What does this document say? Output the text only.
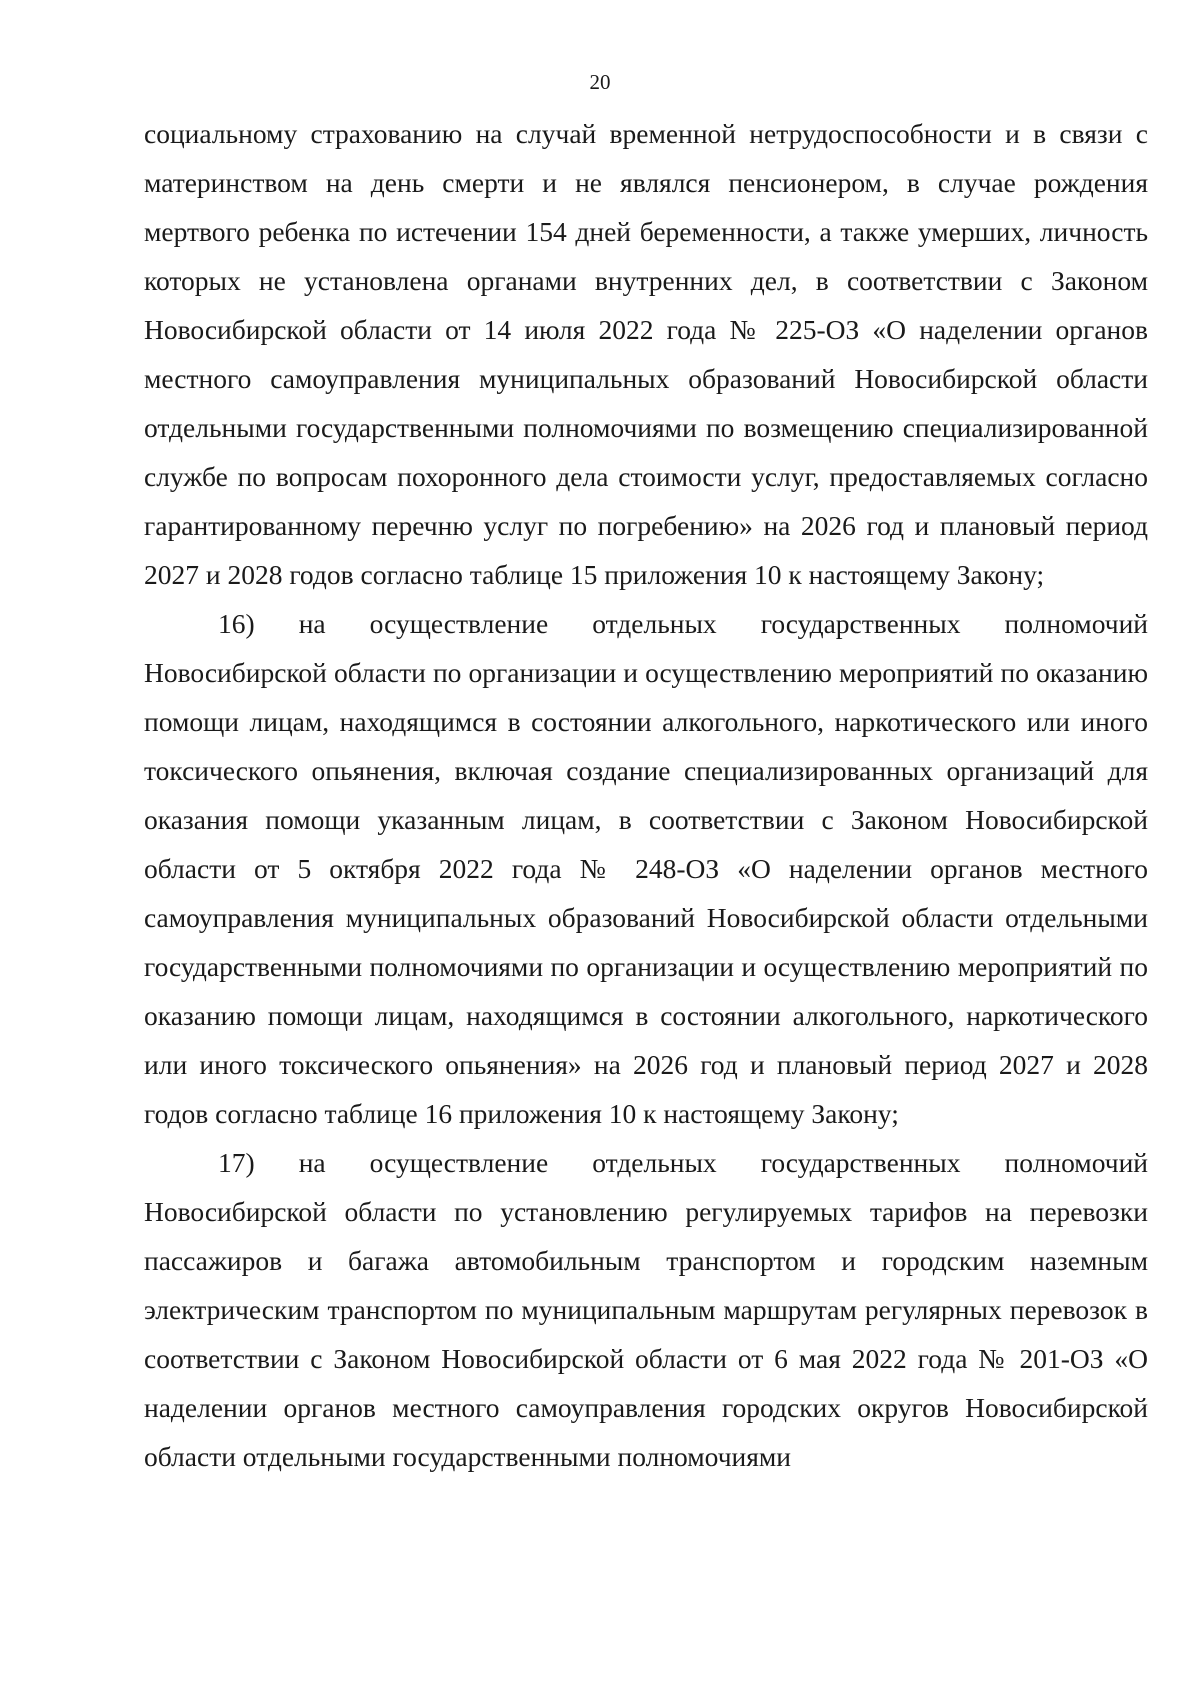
20

социальному страхованию на случай временной нетрудоспособности и в связи с материнством на день смерти и не являлся пенсионером, в случае рождения мертвого ребенка по истечении 154 дней беременности, а также умерших, личность которых не установлена органами внутренних дел, в соответствии с Законом Новосибирской области от 14 июля 2022 года № 225-ОЗ «О наделении органов местного самоуправления муниципальных образований Новосибирской области отдельными государственными полномочиями по возмещению специализированной службе по вопросам похоронного дела стоимости услуг, предоставляемых согласно гарантированному перечню услуг по погребению» на 2026 год и плановый период 2027 и 2028 годов согласно таблице 15 приложения 10 к настоящему Закону;

16) на осуществление отдельных государственных полномочий Новосибирской области по организации и осуществлению мероприятий по оказанию помощи лицам, находящимся в состоянии алкогольного, наркотического или иного токсического опьянения, включая создание специализированных организаций для оказания помощи указанным лицам, в соответствии с Законом Новосибирской области от 5 октября 2022 года № 248-ОЗ «О наделении органов местного самоуправления муниципальных образований Новосибирской области отдельными государственными полномочиями по организации и осуществлению мероприятий по оказанию помощи лицам, находящимся в состоянии алкогольного, наркотического или иного токсического опьянения» на 2026 год и плановый период 2027 и 2028 годов согласно таблице 16 приложения 10 к настоящему Закону;

17) на осуществление отдельных государственных полномочий Новосибирской области по установлению регулируемых тарифов на перевозки пассажиров и багажа автомобильным транспортом и городским наземным электрическим транспортом по муниципальным маршрутам регулярных перевозок в соответствии с Законом Новосибирской области от 6 мая 2022 года № 201-ОЗ «О наделении органов местного самоуправления городских округов Новосибирской области отдельными государственными полномочиями
